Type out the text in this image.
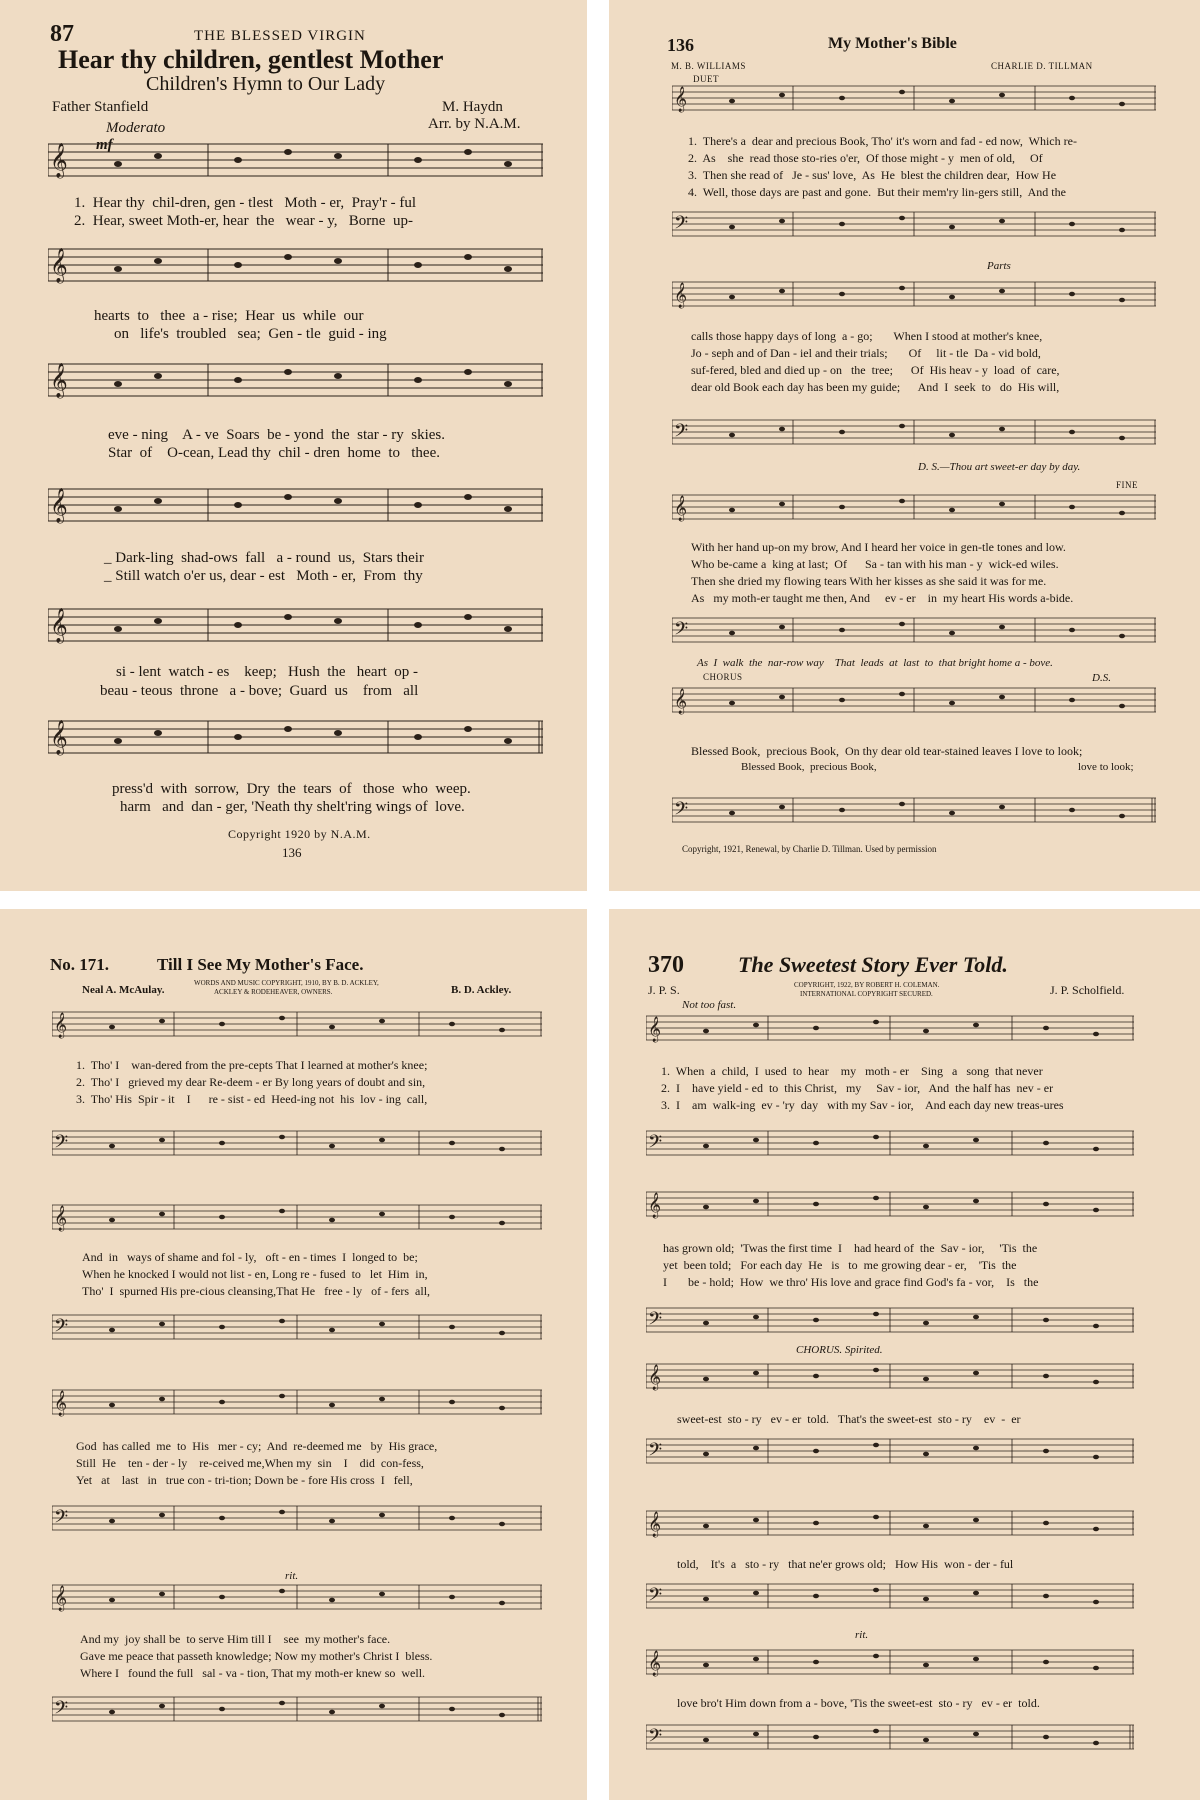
87	THE BLESSED VIRGIN
Hear thy children, gentlest Mother
Children's Hymn to Our Lady
Father Stanfield	M. Haydn
Arr. by N.A.M.
Moderato
mf
𝄞
1.  Hear thy  chil-dren, gen - tlest   Moth - er,  Pray'r - ful
2.  Hear, sweet Moth-er, hear  the   wear - y,   Borne  up-
𝄞
hearts  to   thee  a - rise;  Hear  us  while  our
on   life's  troubled   sea;  Gen - tle  guid - ing
𝄞
eve - ning    A - ve  Soars  be - yond  the  star - ry  skies.
Star  of    O-cean, Lead thy  chil - dren  home  to   thee.
𝄞
_ Dark-ling  shad-ows  fall   a - round  us,  Stars their
_ Still watch o'er us, dear - est   Moth - er,  From  thy
𝄞
si - lent  watch - es    keep;   Hush  the   heart  op -
beau - teous  throne   a - bove;  Guard  us    from   all
𝄞
press'd  with  sorrow,  Dry  the  tears  of   those  who  weep.
harm   and  dan - ger, 'Neath thy shelt'ring wings of  love.
Copyright 1920 by N.A.M.
136
136	My Mother's Bible
M. B. WILLIAMS	CHARLIE D. TILLMAN
DUET
𝄞
1.  There's a  dear and precious Book, Tho' it's worn and fad - ed now,  Which re-
2.  As    she  read those sto-ries o'er,  Of those might - y  men of old,     Of
3.  Then she read of   Je - sus' love,  As  He  blest the children dear,  How He
4.  Well, those days are past and gone.  But their mem'ry lin-gers still,  And the
𝄢
Parts
𝄞
calls those happy days of long  a - go;       When I stood at mother's knee,
Jo - seph and of Dan - iel and their trials;       Of     lit - tle  Da - vid bold,
suf-fered, bled and died up - on   the  tree;      Of  His heav - y  load  of  care,
dear old Book each day has been my guide;      And  I  seek  to   do  His will,
𝄢
D. S.—Thou art sweet-er day by day.
FINE
𝄞
With her hand up-on my brow, And I heard her voice in gen-tle tones and low.
Who be-came a  king at last;  Of      Sa - tan with his man - y  wick-ed wiles.
Then she dried my flowing tears With her kisses as she said it was for me.
As   my moth-er taught me then, And     ev - er    in  my heart His words a-bide.
𝄢
As  I  walk  the  nar-row way    That  leads  at  last  to  that bright home a - bove.
CHORUS	D.S.
𝄞
Blessed Book,  precious Book,  On thy dear old tear-stained leaves I love to look;
Blessed Book,  precious Book,	love to look;
𝄢
Copyright, 1921, Renewal, by Charlie D. Tillman. Used by permission
No. 171.	Till I See My Mother's Face.
Neal A. McAulay.
WORDS AND MUSIC COPYRIGHT, 1910, BY B. D. ACKLEY,
ACKLEY & RODEHEAVER, OWNERS.	B. D. Ackley.
𝄞
1.  Tho' I    wan-dered from the pre-cepts That I learned at mother's knee;
2.  Tho' I   grieved my dear Re-deem - er By long years of doubt and sin,
3.  Tho' His  Spir - it    I      re - sist - ed  Heed-ing not  his  lov - ing  call,
𝄢
𝄞
And  in   ways of shame and fol - ly,   oft - en - times  I  longed to  be;
When he knocked I would not list - en, Long re - fused  to   let  Him  in,
Tho'  I  spurned His pre-cious cleansing,That He   free - ly   of - fers  all,
𝄢
𝄞
God  has called  me  to  His   mer - cy;  And  re-deemed me   by  His grace,
Still  He    ten - der - ly    re-ceived me,When my  sin    I    did  con-fess,
Yet   at    last   in   true con - tri-tion; Down be - fore His cross  I   fell,
𝄢
rit.
𝄞
And my  joy shall be  to serve Him till I    see  my mother's face.
Gave me peace that passeth knowledge; Now my mother's Christ I  bless.
Where I   found the full   sal - va - tion, That my moth-er knew so  well.
𝄢
370 The Sweetest Story Ever Told.
J. P. S.	COPYRIGHT, 1922, BY ROBERT H. COLEMAN.
INTERNATIONAL COPYRIGHT SECURED.	J. P. Scholfield.
Not too fast.
𝄞
1.  When  a  child,  I  used  to  hear    my   moth - er    Sing   a   song  that never
2.  I    have yield - ed  to  this Christ,   my     Sav - ior,   And  the half has  nev - er
3.  I    am  walk-ing  ev - 'ry  day   with my Sav - ior,    And each day new treas-ures
𝄢
𝄞
has grown old;  'Twas the first time  I    had heard of  the  Sav - ior,     'Tis  the
yet  been told;   For each day  He   is   to  me growing dear - er,    'Tis  the
I       be - hold;  How  we thro' His love and grace find God's fa - vor,    Is   the
𝄢
CHORUS. Spirited.
𝄞
sweet-est  sto - ry   ev - er  told.   That's the sweet-est  sto - ry    ev  -  er
𝄢
𝄞
told,    It's  a   sto - ry   that ne'er grows old;   How His  won - der - ful
𝄢
rit.
𝄞
love bro't Him down from a - bove, 'Tis the sweet-est  sto - ry   ev - er  told.
𝄢
